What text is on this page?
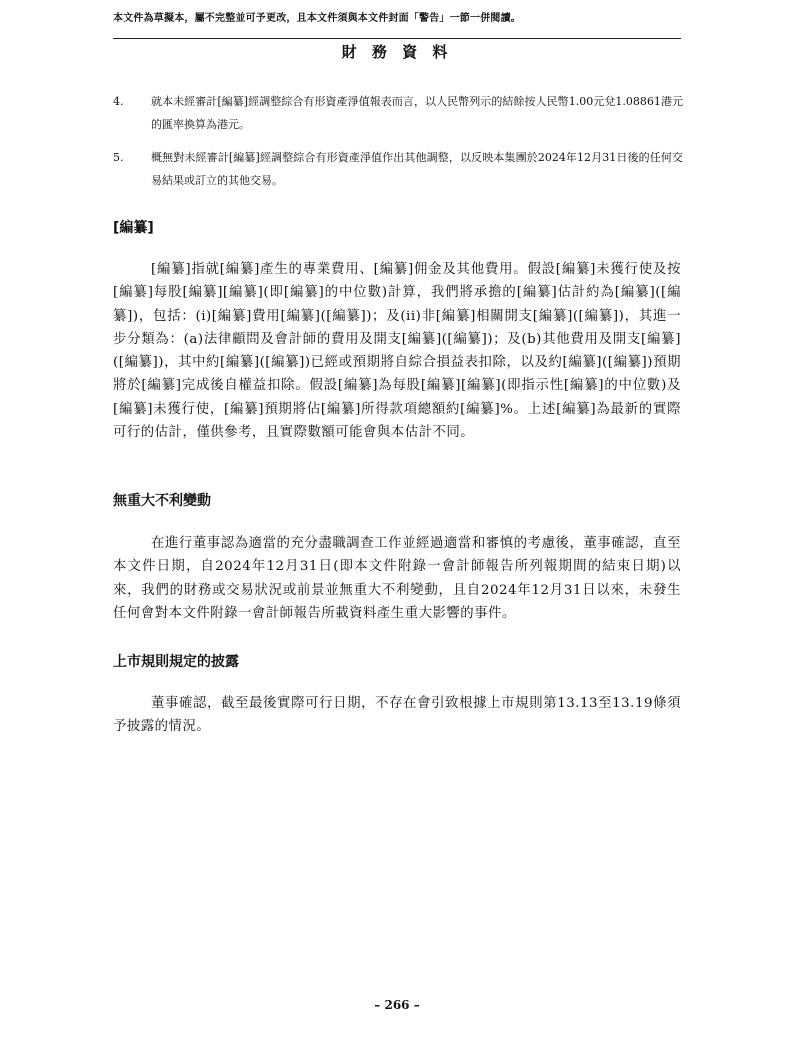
本文件為草擬本，屬不完整並可予更改，且本文件須與本文件封面「警告」一節一併閱讀。
財 務 資 料
4.	就本未經審計[編纂]經調整綜合有形資產淨值報表而言，以人民幣列示的結餘按人民幣1.00元兌1.08861港元的匯率換算為港元。
5.	概無對未經審計[編纂]經調整綜合有形資產淨值作出其他調整，以反映本集團於2024年12月31日後的任何交易結果或訂立的其他交易。
[編纂]
[編纂]指就[編纂]產生的專業費用、[編纂]佣金及其他費用。假設[編纂]未獲行使及按[編纂]每股[編纂][編纂](即[編纂]的中位數)計算，我們將承擔的[編纂]估計約為[編纂]([編纂])，包括：(i)[編纂]費用[編纂]([編纂])；及(ii)非[編纂]相關開支[編纂]([編纂])，其進一步分類為：(a)法律顧問及會計師的費用及開支[編纂]([編纂])；及(b)其他費用及開支[編纂]([編纂])，其中約[編纂]([編纂])已經或預期將自綜合損益表扣除，以及約[編纂]([編纂])預期將於[編纂]完成後自權益扣除。假設[編纂]為每股[編纂][編纂](即指示性[編纂]的中位數)及[編纂]未獲行使，[編纂]預期將佔[編纂]所得款項總額約[編纂]%。上述[編纂]為最新的實際可行的估計，僅供參考，且實際數額可能會與本估計不同。
無重大不利變動
在進行董事認為適當的充分盡職調查工作並經過適當和審慎的考慮後，董事確認，直至本文件日期，自2024年12月31日(即本文件附錄一會計師報告所列報期間的結束日期)以來，我們的財務或交易狀況或前景並無重大不利變動，且自2024年12月31日以來，未發生任何會對本文件附錄一會計師報告所載資料產生重大影響的事件。
上市規則規定的披露
董事確認，截至最後實際可行日期，不存在會引致根據上市規則第13.13至13.19條須予披露的情況。
– 266 –
